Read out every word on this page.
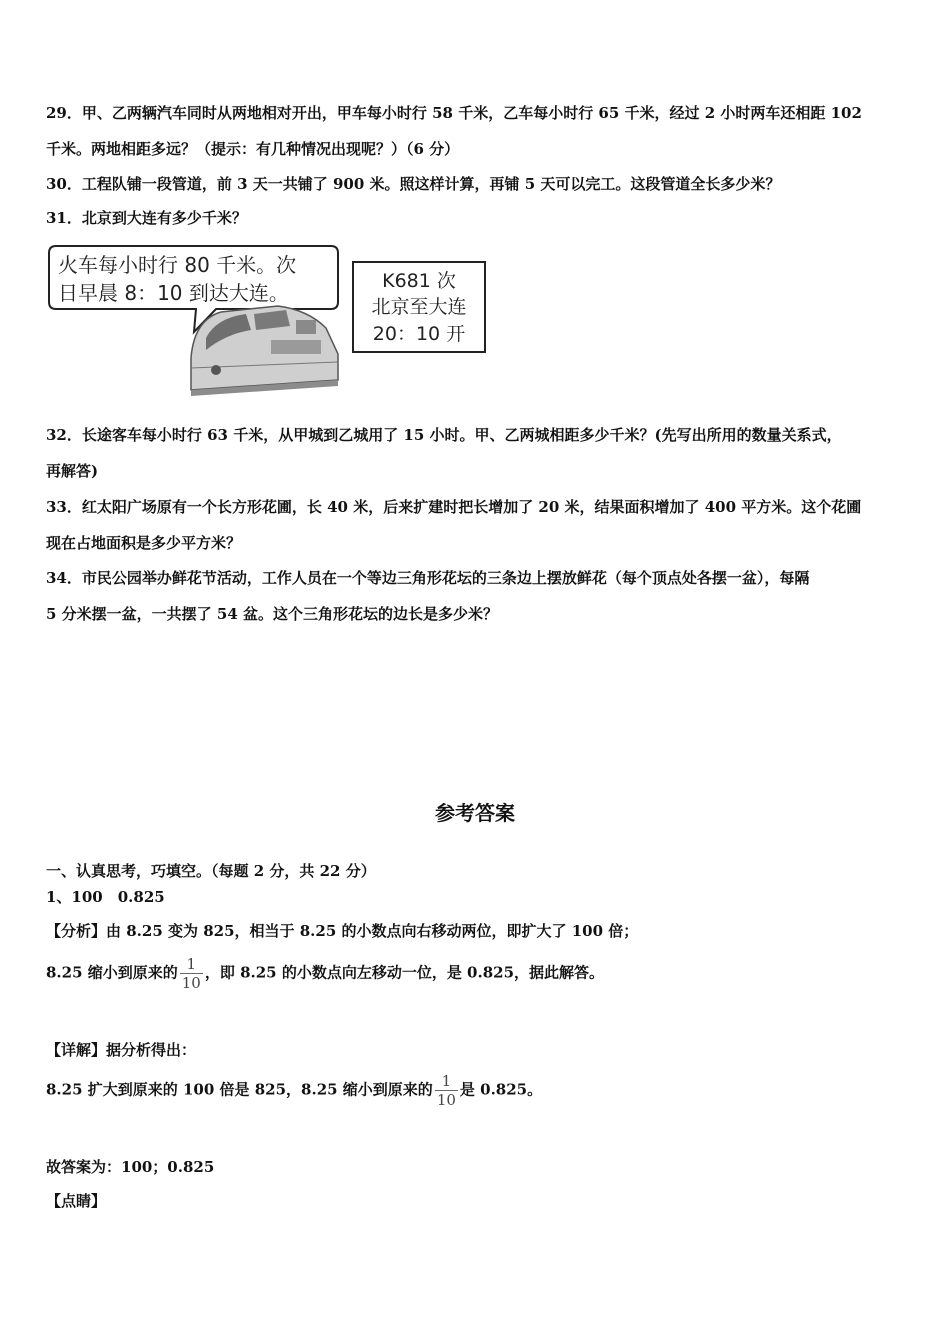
29．甲、乙两辆汽车同时从两地相对开出，甲车每小时行 58 千米，乙车每小时行 65 千米，经过 2 小时两车还相距 102
千米。两地相距多远？（提示：有几种情况出现呢？）（6 分）
30．工程队铺一段管道，前 3 天一共铺了 900 米。照这样计算，再铺 5 天可以完工。这段管道全长多少米？
31．北京到大连有多少千米？
火车每小时行 80 千米。次
日早晨 8：10 到达大连。	K681 次
北京至大连
20：10 开
32．长途客车每小时行 63 千米，从甲城到乙城用了 15 小时。甲、乙两城相距多少千米？(先写出所用的数量关系式，
再解答)
33．红太阳广场原有一个长方形花圃，长 40 米，后来扩建时把长增加了 20 米，结果面积增加了 400 平方米。这个花圃
现在占地面积是多少平方米？
34．市民公园举办鲜花节活动，工作人员在一个等边三角形花坛的三条边上摆放鲜花（每个顶点处各摆一盆），每隔
5 分米摆一盆，一共摆了 54 盆。这个三角形花坛的边长是多少米？
参考答案
一、认真思考，巧填空。（每题 2 分，共 22 分）
1、100　0.825
【分析】由 8.25 变为 825，相当于 8.25 的小数点向右移动两位，即扩大了 100 倍；
8.25 缩小到原来的 $\frac{1}{10}$ ，即 8.25 的小数点向左移动一位，是 0.825，据此解答。
【详解】据分析得出：
8.25 扩大到原来的 100 倍是 825，8.25 缩小到原来的 $\frac{1}{10}$ 是 0.825。
故答案为：100；0.825
【点睛】
